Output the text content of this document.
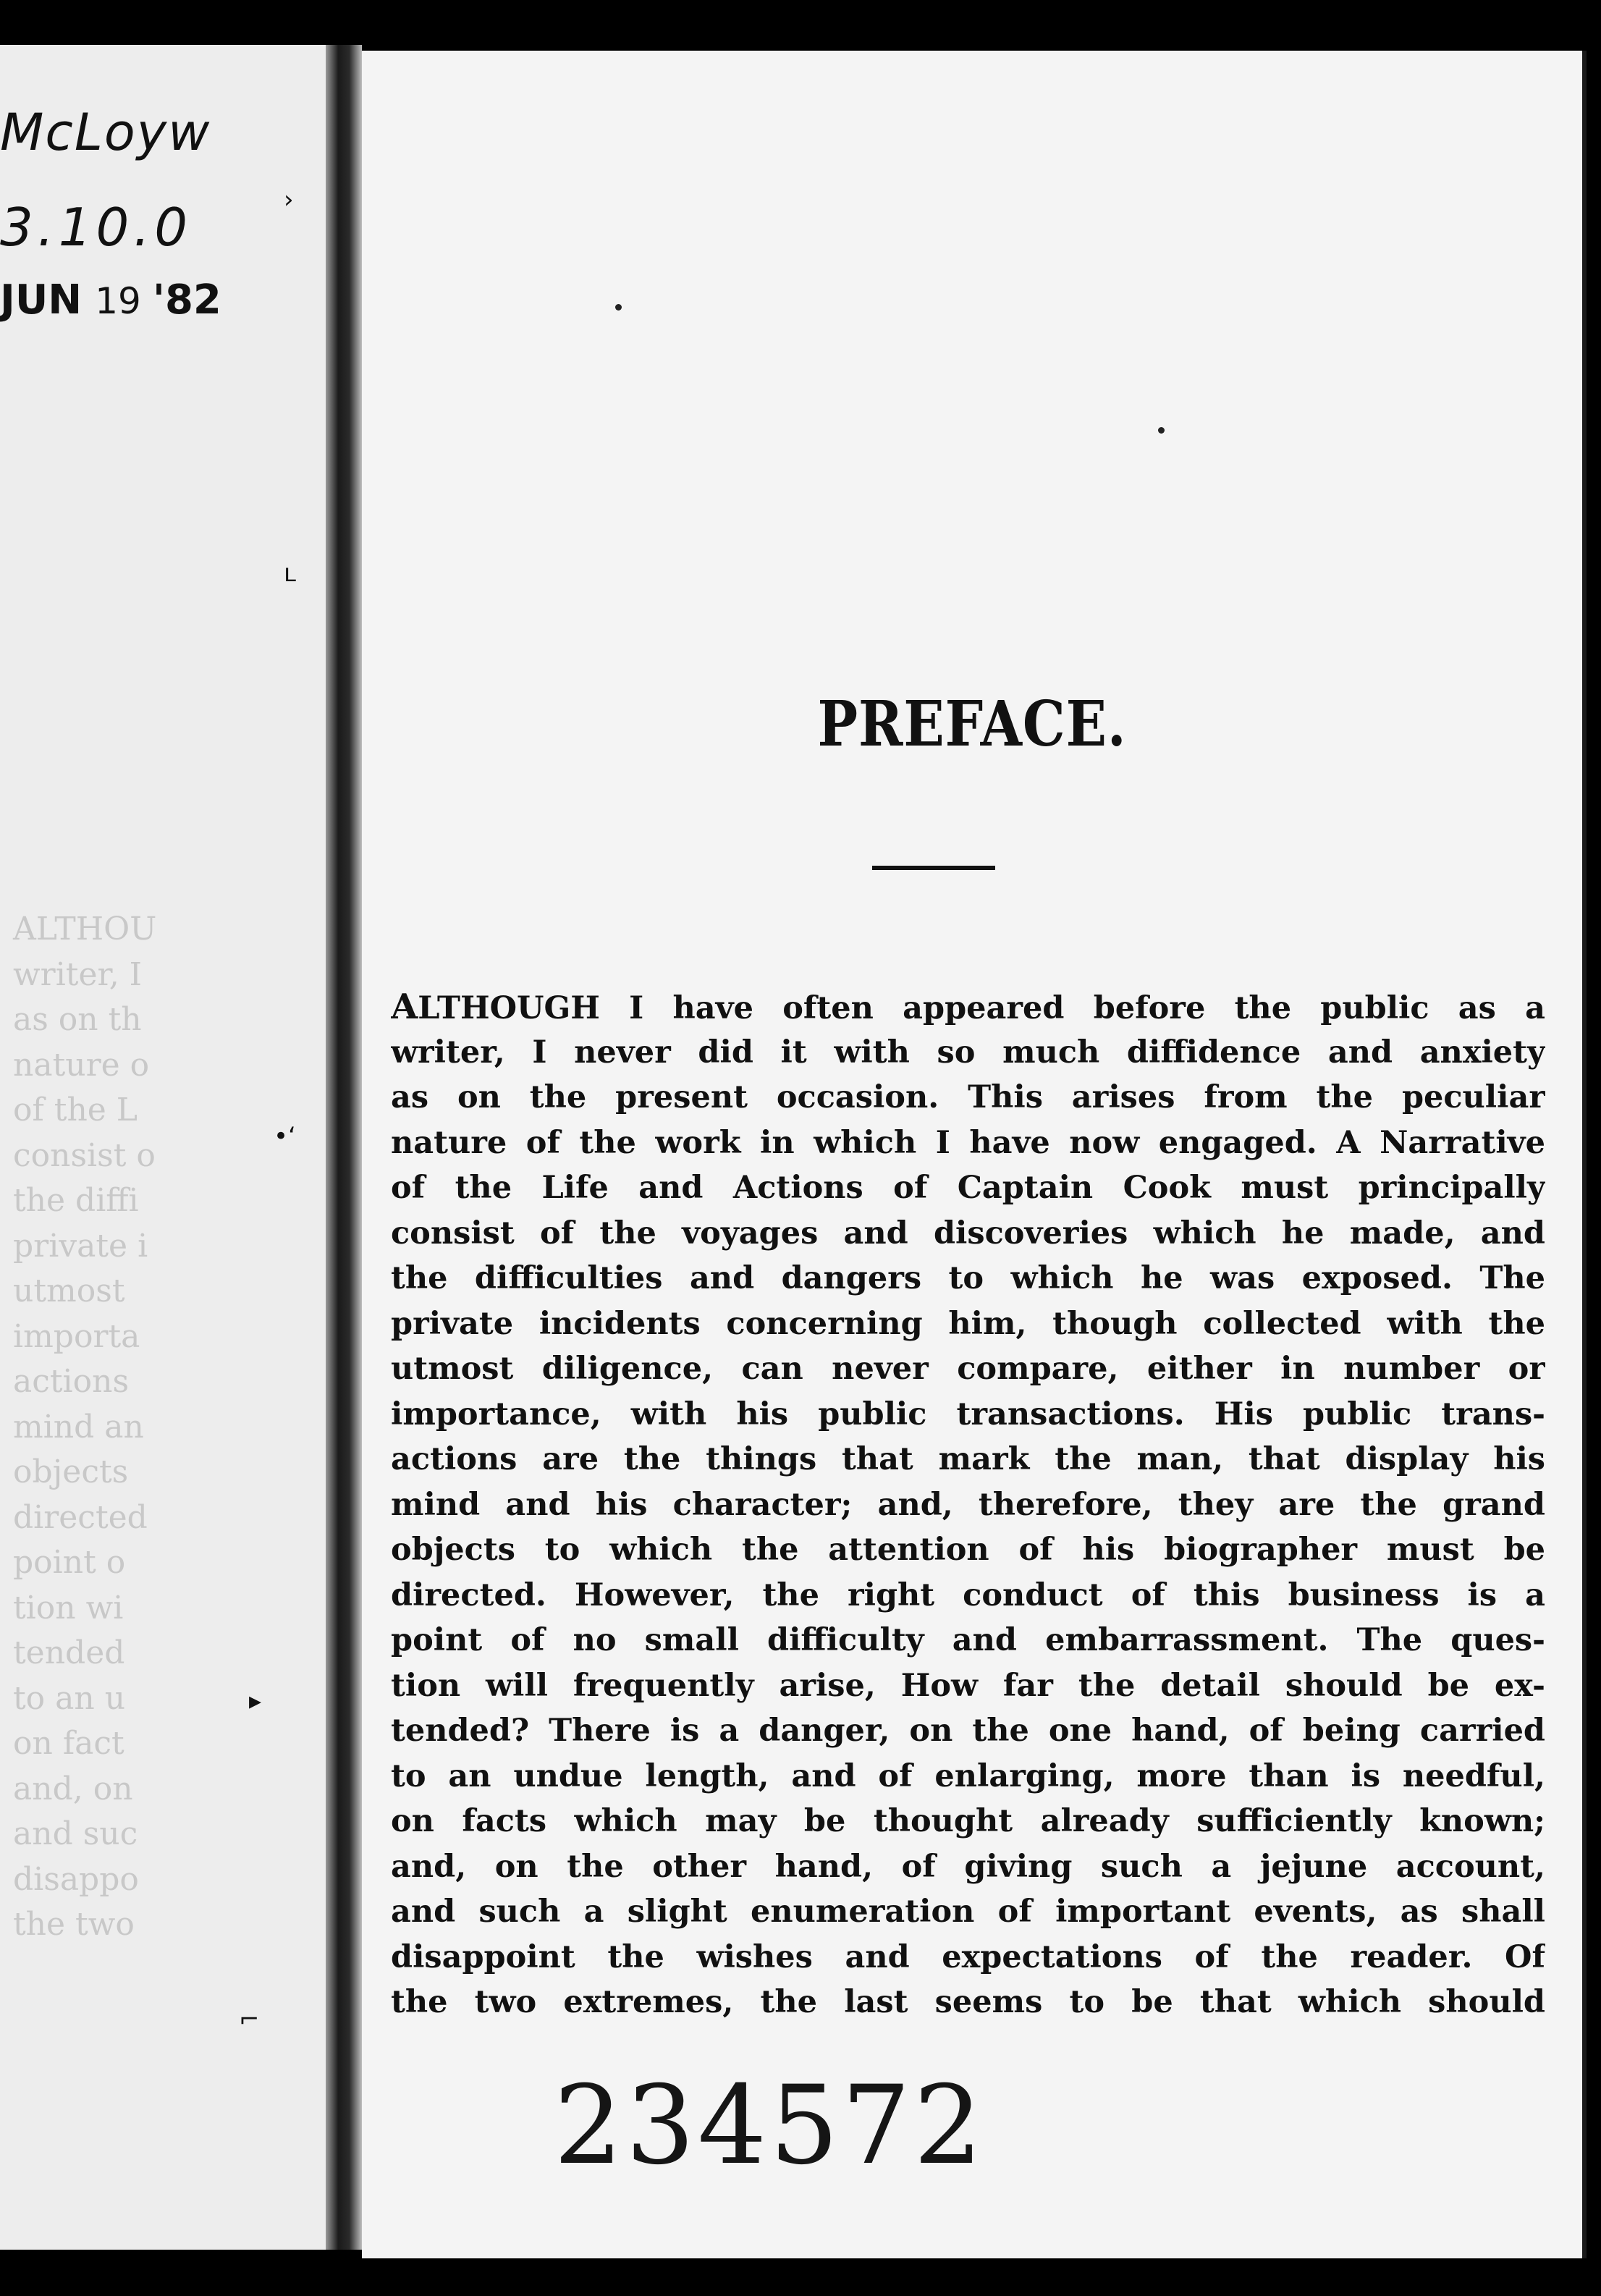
McLoyw
3.10.0
JUN 19 '82
ALTHOU
writer, I
as on th
nature o
of the L
consist o
the diffi
private i
utmost
importa
actions
mind an
objects
directed
point o
tion wi
tended
to an u
on fact
and, on
and suc
disappo
the two
PREFACE.
ALTHOUGH I have often appeared before the public as a
writer, I never did it with so much diffidence and anxiety
as on the present occasion. This arises from the peculiar
nature of the work in which I have now engaged. A Narrative
of the Life and Actions of Captain Cook must principally
consist of the voyages and discoveries which he made, and
the difficulties and dangers to which he was exposed. The
private incidents concerning him, though collected with the
utmost diligence, can never compare, either in number or
importance, with his public transactions. His public trans-
actions are the things that mark the man, that display his
mind and his character; and, therefore, they are the grand
objects to which the attention of his biographer must be
directed. However, the right conduct of this business is a
point of no small difficulty and embarrassment. The ques-
tion will frequently arise, How far the detail should be ex-
tended? There is a danger, on the one hand, of being carried
to an undue length, and of enlarging, more than is needful,
on facts which may be thought already sufficiently known;
and, on the other hand, of giving such a jejune account,
and such a slight enumeration of important events, as shall
disappoint the wishes and expectations of the reader. Of
the two extremes, the last seems to be that which should
234572
›
ʟ
•‘
▸
⌐
